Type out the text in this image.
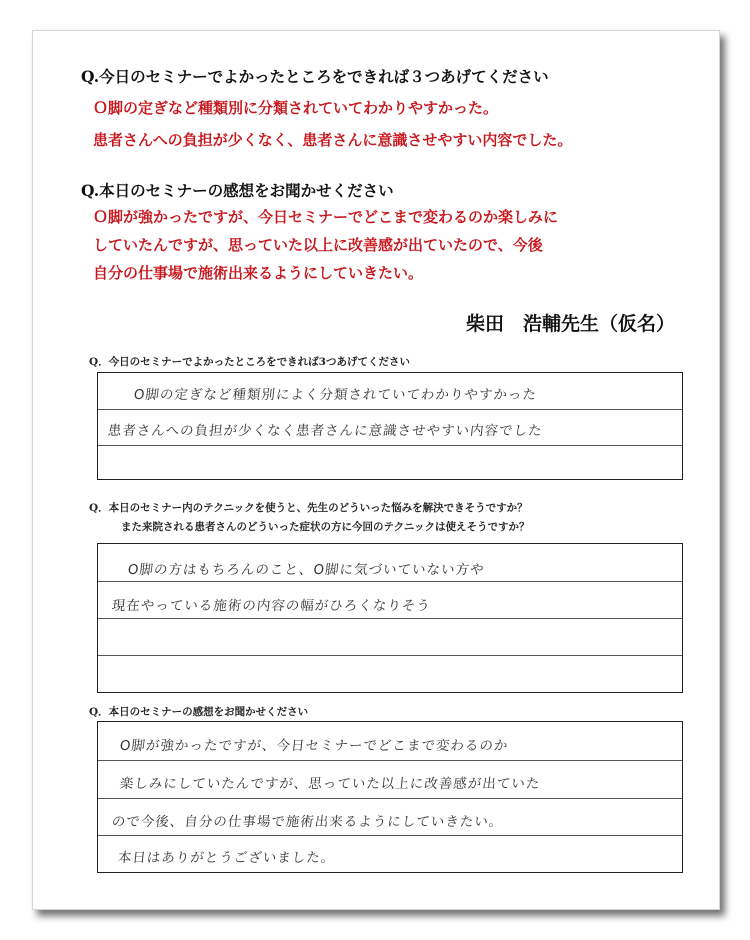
Q.今日のセミナーでよかったところをできれば３つあげてください
Ｏ脚の定ぎなど種類別に分類されていてわかりやすかった。
患者さんへの負担が少くなく、患者さんに意識させやすい内容でした。
Q.本日のセミナーの感想をお聞かせください
Ｏ脚が強かったですが、今日セミナーでどこまで変わるのか楽しみに
していたんですが、思っていた以上に改善感が出ていたので、今後
自分の仕事場で施術出来るようにしていきたい。
柴田　浩輔先生（仮名）
Q．今日のセミナーでよかったところをできれば3つあげてください
O脚の定ぎなど種類別によく分類されていてわかりやすかった
患者さんへの負担が少くなく患者さんに意識させやすい内容でした
Q．本日のセミナー内のテクニックを使うと、先生のどういった悩みを解決できそうですか？
また来院される患者さんのどういった症状の方に今回のテクニックは使えそうですか？
O脚の方はもちろんのこと、O脚に気づいていない方や
現在やっている施術の内容の幅がひろくなりそう
Q．本日のセミナーの感想をお聞かせください
O脚が強かったですが、今日セミナーでどこまで変わるのか
楽しみにしていたんですが、思っていた以上に改善感が出ていた
ので今後、自分の仕事場で施術出来るようにしていきたい。
本日はありがとうございました。
